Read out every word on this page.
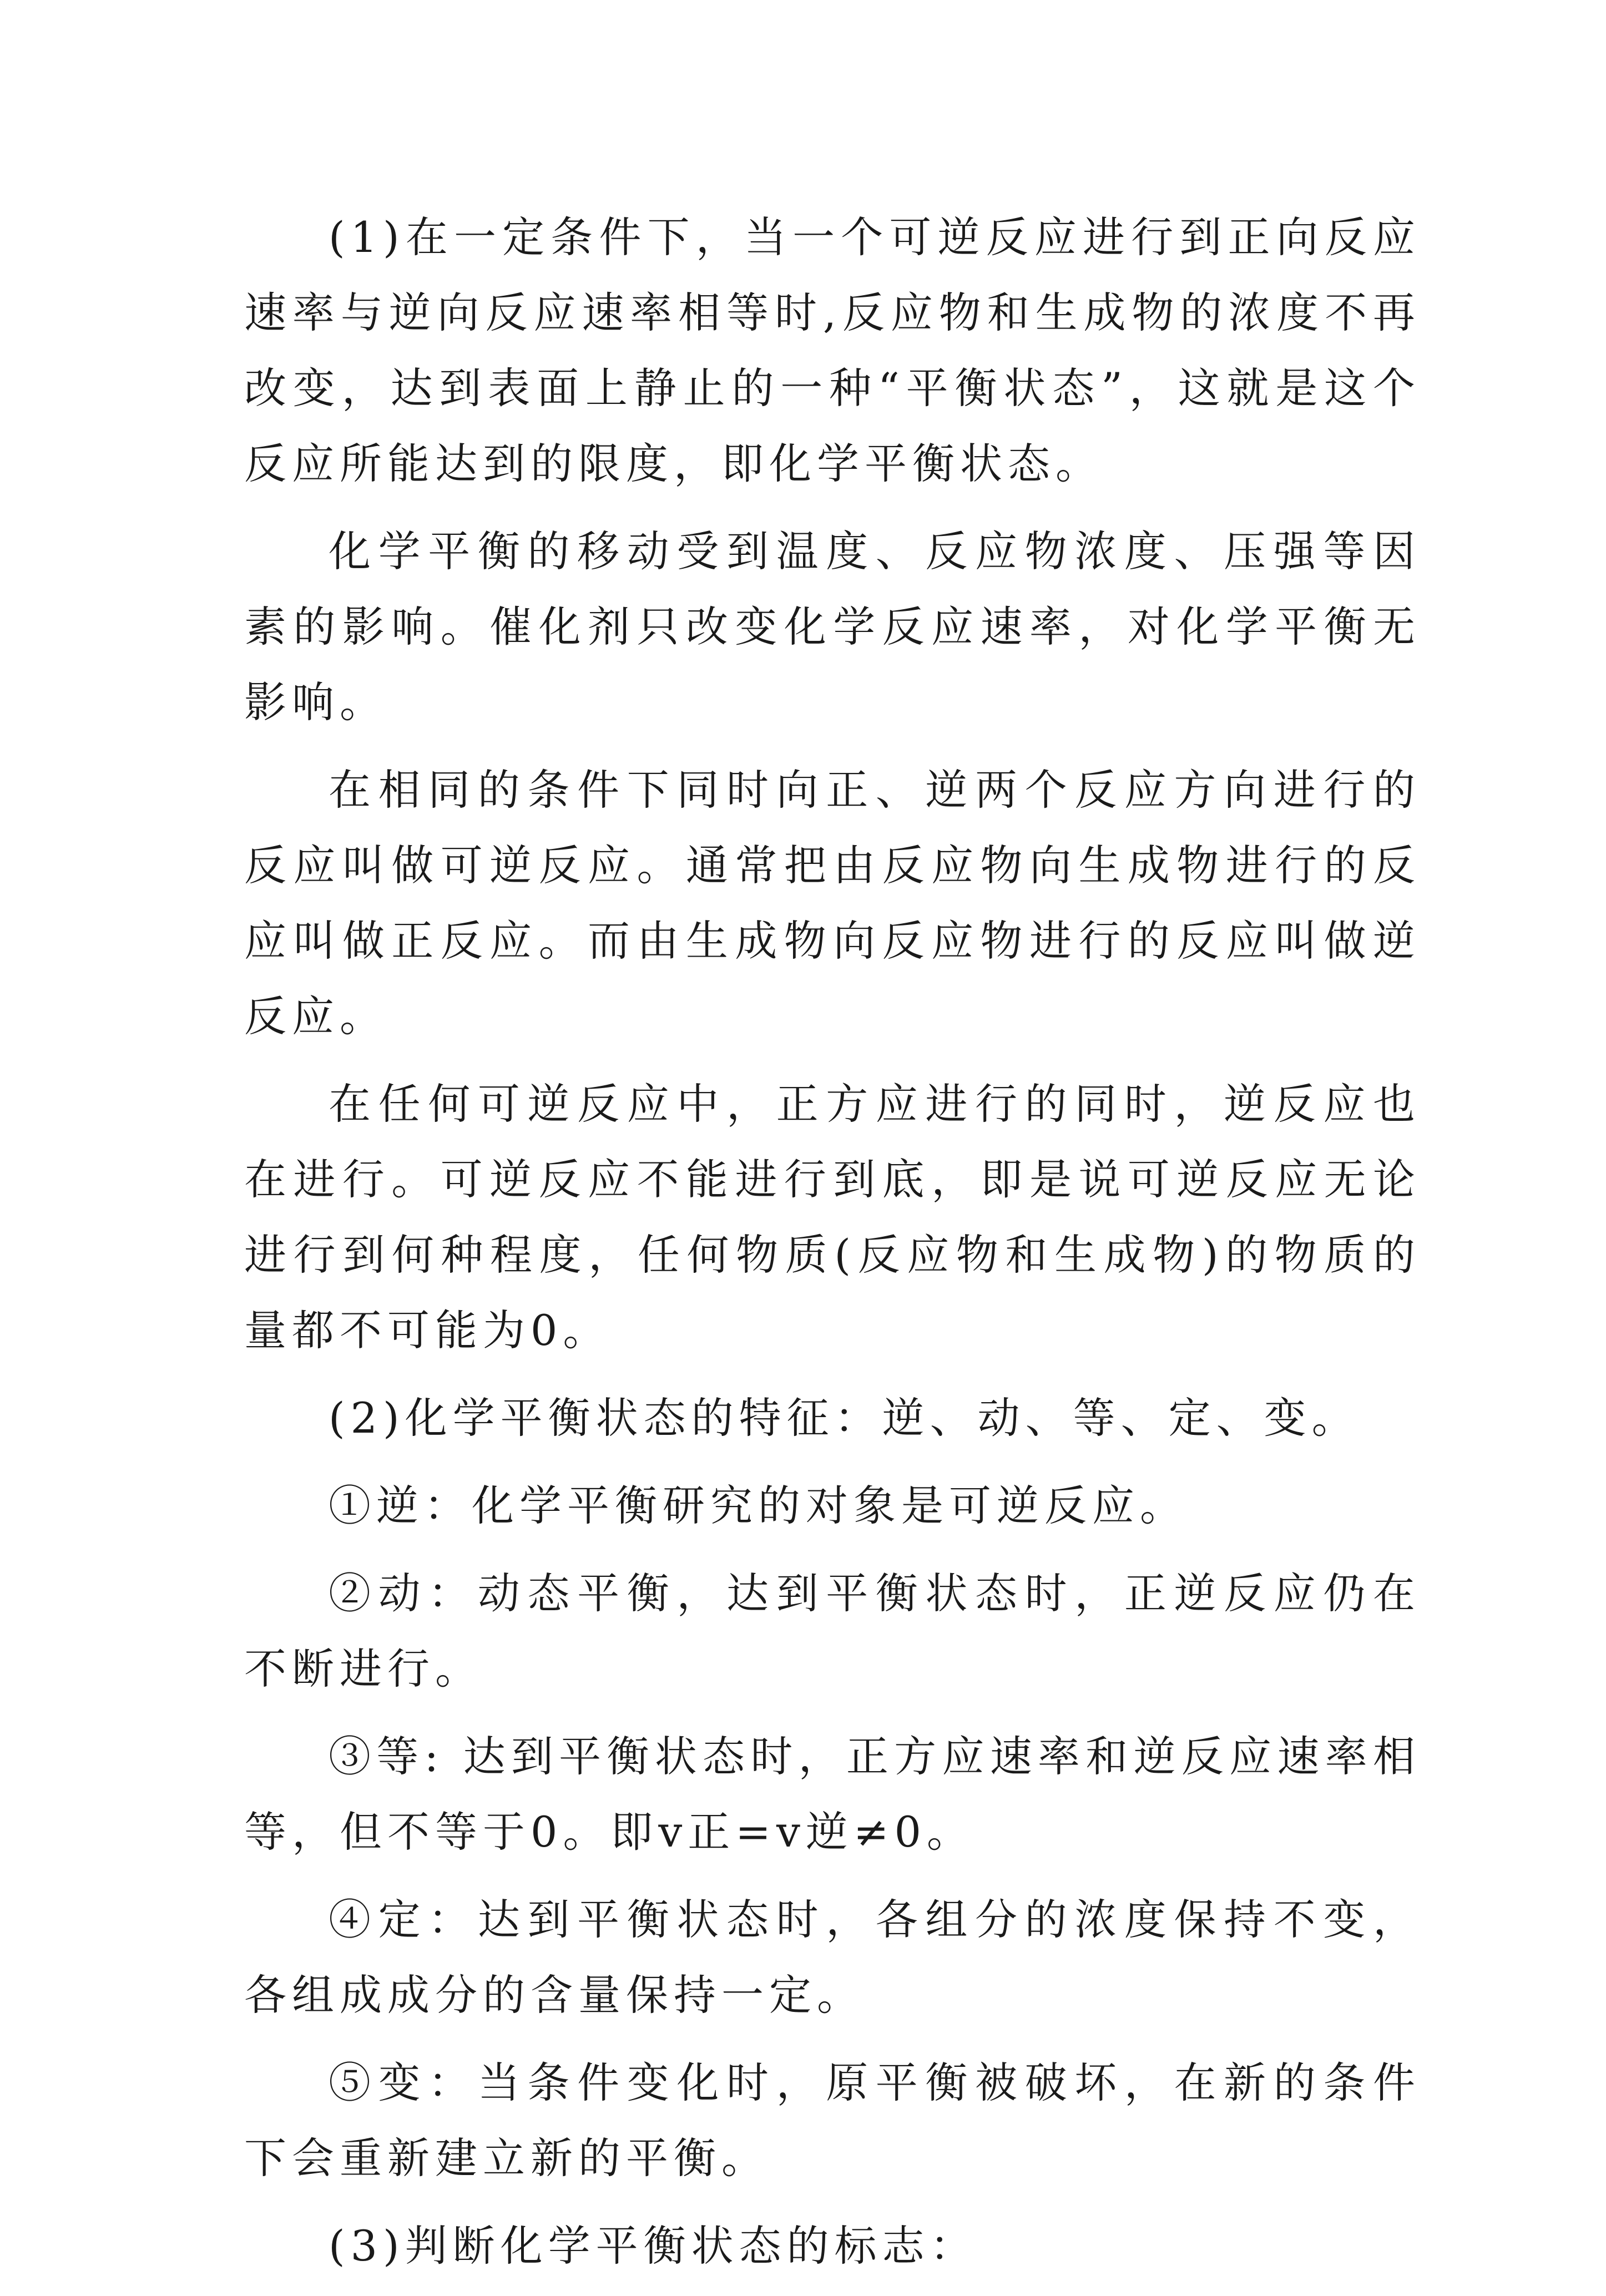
(1)在一定条件下，当一个可逆反应进行到正向反应速率与逆向反应速率相等时,反应物和生成物的浓度不再改变，达到表面上静止的一种“平衡状态”，这就是这个反应所能达到的限度，即化学平衡状态。

化学平衡的移动受到温度、反应物浓度、压强等因素的影响。催化剂只改变化学反应速率，对化学平衡无影响。

在相同的条件下同时向正、逆两个反应方向进行的反应叫做可逆反应。通常把由反应物向生成物进行的反应叫做正反应。而由生成物向反应物进行的反应叫做逆反应。

在任何可逆反应中，正方应进行的同时，逆反应也在进行。可逆反应不能进行到底，即是说可逆反应无论进行到何种程度，任何物质(反应物和生成物)的物质的量都不可能为0。

(2)化学平衡状态的特征：逆、动、等、定、变。

①逆：化学平衡研究的对象是可逆反应。

②动：动态平衡，达到平衡状态时，正逆反应仍在不断进行。

③等: 达到平衡状态时，正方应速率和逆反应速率相等，但不等于0。即v正=v逆≠0。

④定：达到平衡状态时，各组分的浓度保持不变，各组成成分的含量保持一定。

⑤变：当条件变化时，原平衡被破坏，在新的条件下会重新建立新的平衡。

(3)判断化学平衡状态的标志：
